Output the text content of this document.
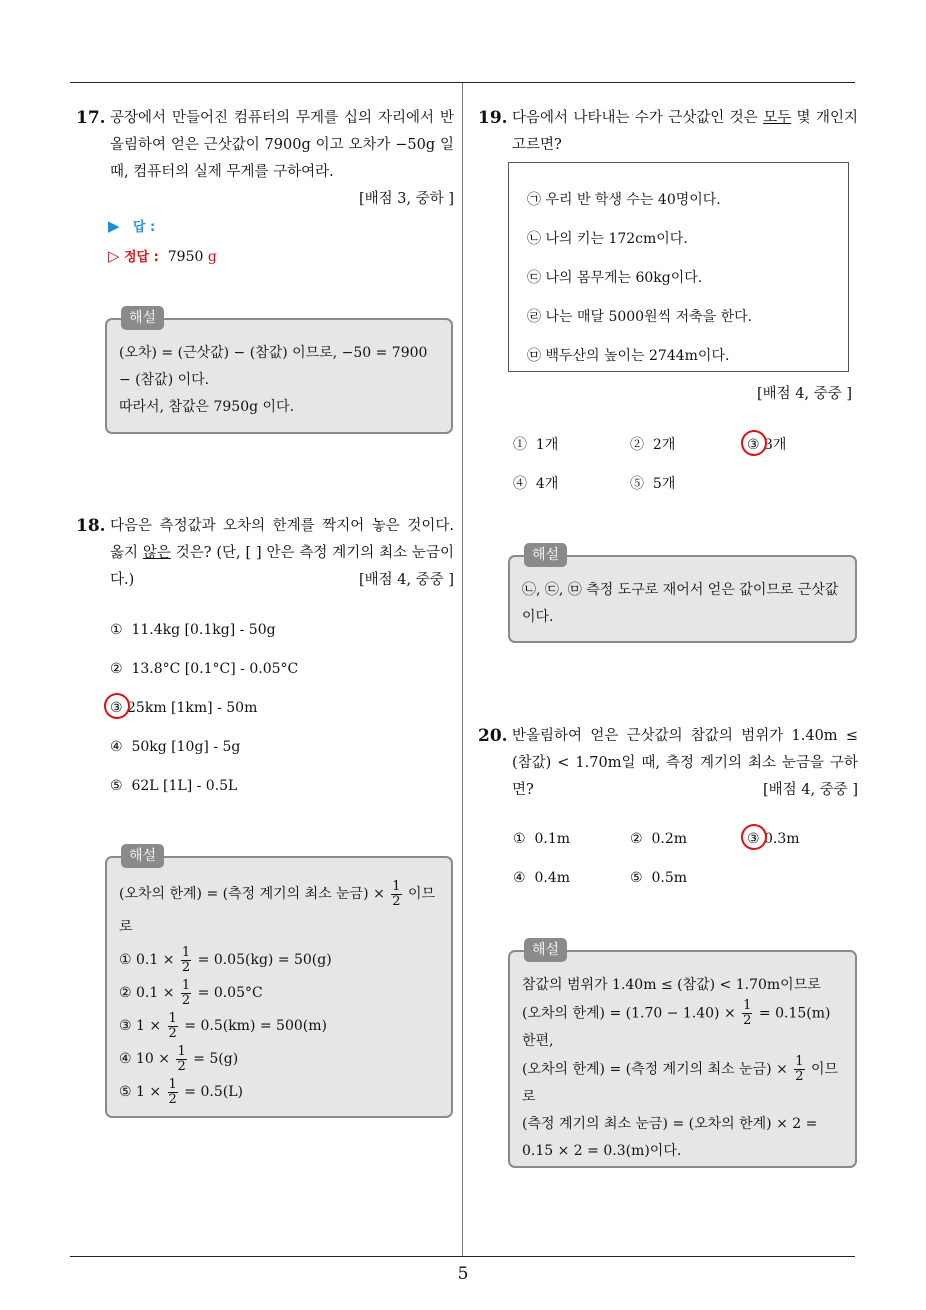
5
17. 공장에서 만들어진 컴퓨터의 무게를 십의 자리에서 반올림하여 얻은 근삿값이 7900g 이고 오차가 −50g 일 때, 컴퓨터의 실제 무게를 구하여라.
[배점 3, 중하 ]
▶ 답 :
▷ 정답 : 7950 g
해설
(오차) = (근삿값) − (참값) 이므로, −50 = 7900 − (참값) 이다.
따라서, 참값은 7950g 이다.
18. 다음은 측정값과 오차의 한계를 짝지어 놓은 것이다. 옳지 않은 것은? (단, [ ] 안은 측정 계기의 최소 눈금이다.)	[배점 4, 중중 ]
① 11.4kg [0.1kg] - 50g
② 13.8°C [0.1°C] - 0.05°C
③ 25km [1km] - 50m
④ 50kg [10g] - 5g
⑤ 62L [1L] - 0.5L
해설
(오차의 한계) = (측정 계기의 최소 눈금) × $\frac{1}{2}$ 이므로
① $0.1 \times \frac{1}{2} = 0.05(kg) = 50(g)$
② $0.1 \times \frac{1}{2} = 0.05^\circ C$
③ $1 \times \frac{1}{2} = 0.5(km) = 500(m)$
④ $10 \times \frac{1}{2} = 5(g)$
⑤ $1 \times \frac{1}{2} = 0.5(L)$
19. 다음에서 나타내는 수가 근삿값인 것은 모두 몇 개인지 고르면?
㉠ 우리 반 학생 수는 40명이다.
㉡ 나의 키는 172cm이다.
㉢ 나의 몸무게는 60kg이다.
㉣ 나는 매달 5000원씩 저축을 한다.
㉤ 백두산의 높이는 2744m이다.
[배점 4, 중중 ]
① 1개	② 2개	③ 3개
④ 4개	⑤ 5개
해설
㉡, ㉢, ㉤ 측정 도구로 재어서 얻은 값이므로 근삿값이다.
20. 반올림하여 얻은 근삿값의 참값의 범위가 1.40m ≤ (참값) < 1.70m일 때, 측정 계기의 최소 눈금을 구하면?	[배점 4, 중중 ]
① 0.1m	② 0.2m	③ 0.3m
④ 0.4m	⑤ 0.5m
해설
참값의 범위가 1.40m ≤ (참값) < 1.70m이므로
(오차의 한계) = $(1.70 - 1.40) \times \frac{1}{2} = 0.15(m)$
한편,
(오차의 한계) = (측정 계기의 최소 눈금) × $\frac{1}{2}$ 이므로
(측정 계기의 최소 눈금) = (오차의 한계) × 2 = 0.15 × 2 = 0.3(m)이다.
